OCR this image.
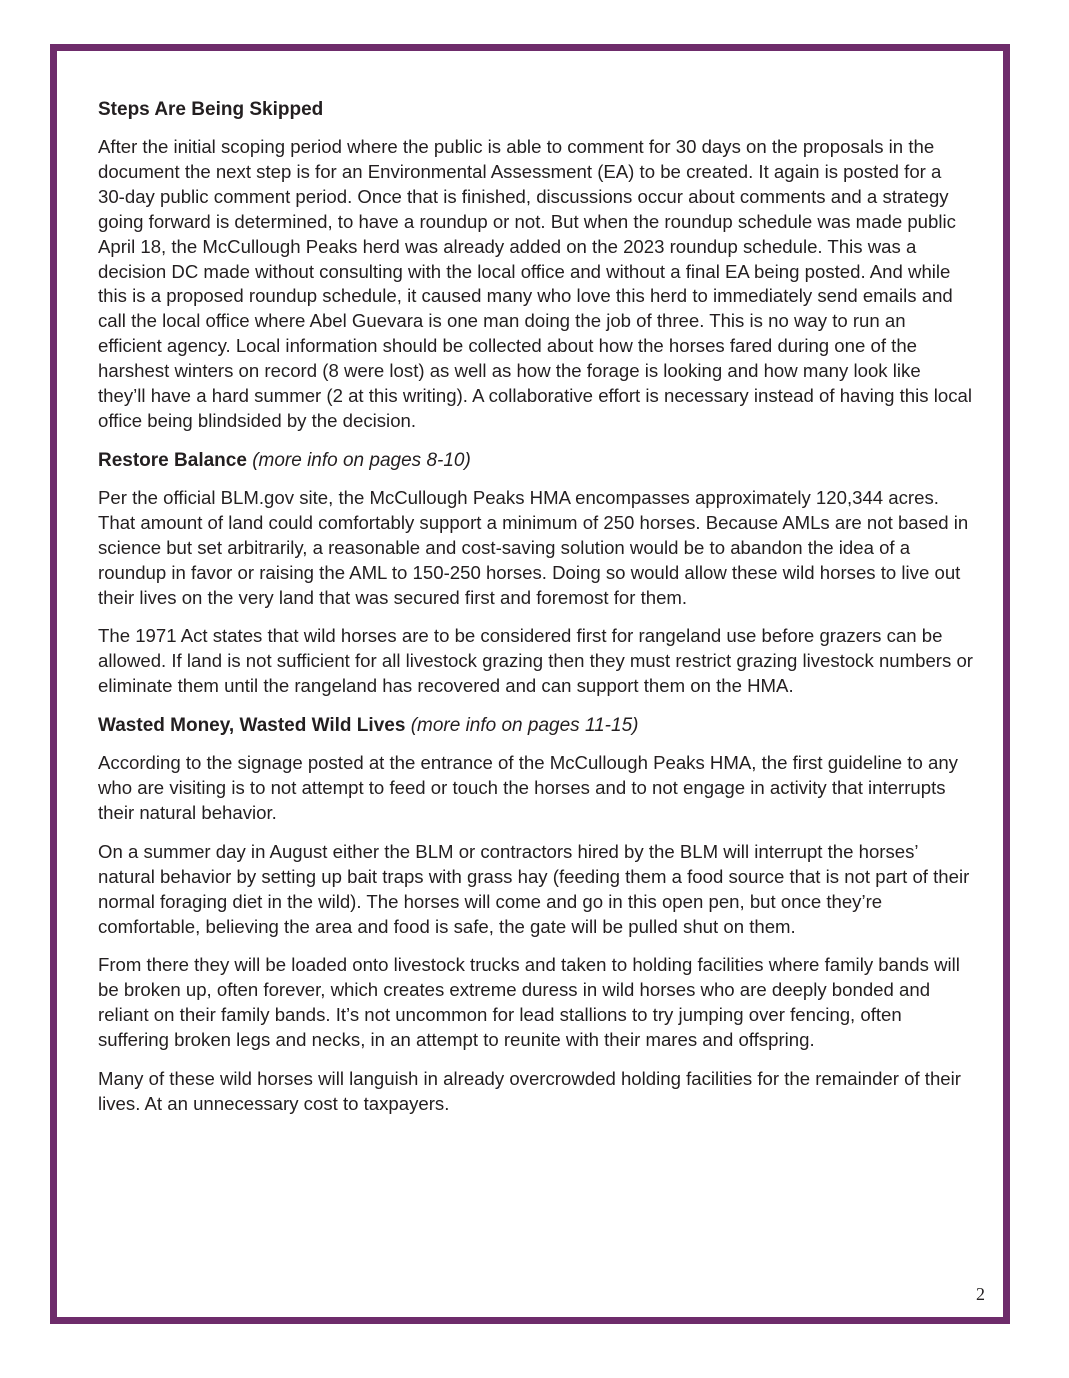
Steps Are Being Skipped

After the initial scoping period where the public is able to comment for 30 days on the proposals in the document the next step is for an Environmental Assessment (EA) to be created. It again is posted for a 30-day public comment period. Once that is finished, discussions occur about comments and a strategy going forward is determined, to have a roundup or not. But when the roundup schedule was made public April 18, the McCullough Peaks herd was already added on the 2023 roundup schedule. This was a decision DC made without consulting with the local office and without a final EA being posted. And while this is a proposed roundup schedule, it caused many who love this herd to immediately send emails and call the local office where Abel Guevara is one man doing the job of three. This is no way to run an efficient agency. Local information should be collected about how the horses fared during one of the harshest winters on record (8 were lost) as well as how the forage is looking and how many look like they’ll have a hard summer (2 at this writing). A collaborative effort is necessary instead of having this local office being blindsided by the decision.

Restore Balance (more info on pages 8-10)

Per the official BLM.gov site, the McCullough Peaks HMA encompasses approximately 120,344 acres. That amount of land could comfortably support a minimum of 250 horses. Because AMLs are not based in science but set arbitrarily, a reasonable and cost-saving solution would be to abandon the idea of a roundup in favor or raising the AML to 150-250 horses. Doing so would allow these wild horses to live out their lives on the very land that was secured first and foremost for them.

The 1971 Act states that wild horses are to be considered first for rangeland use before grazers can be allowed. If land is not sufficient for all livestock grazing then they must restrict grazing livestock numbers or eliminate them until the rangeland has recovered and can support them on the HMA.

Wasted Money, Wasted Wild Lives (more info on pages 11-15)

According to the signage posted at the entrance of the McCullough Peaks HMA, the first guideline to any who are visiting is to not attempt to feed or touch the horses and to not engage in activity that interrupts their natural behavior.

On a summer day in August either the BLM or contractors hired by the BLM will interrupt the horses’ natural behavior by setting up bait traps with grass hay (feeding them a food source that is not part of their normal foraging diet in the wild). The horses will come and go in this open pen, but once they’re comfortable, believing the area and food is safe, the gate will be pulled shut on them.

From there they will be loaded onto livestock trucks and taken to holding facilities where family bands will be broken up, often forever, which creates extreme duress in wild horses who are deeply bonded and reliant on their family bands. It’s not uncommon for lead stallions to try jumping over fencing, often suffering broken legs and necks, in an attempt to reunite with their mares and offspring.

Many of these wild horses will languish in already overcrowded holding facilities for the remainder of their lives. At an unnecessary cost to taxpayers.

2
